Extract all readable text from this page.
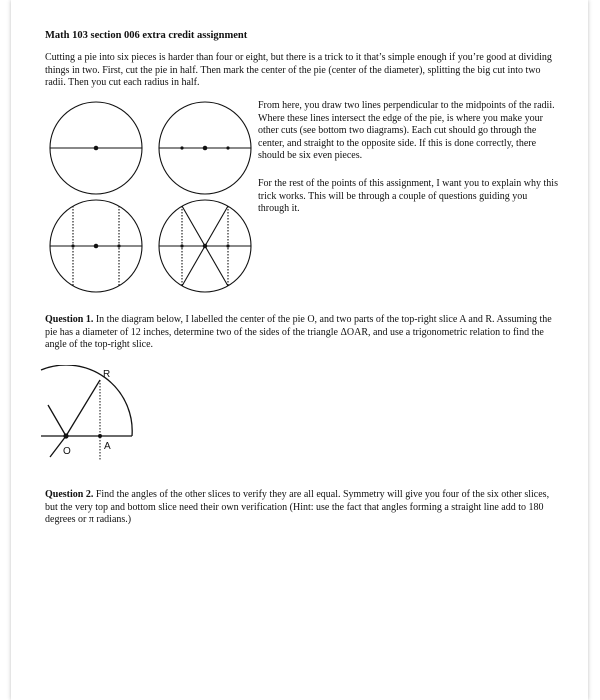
Math 103 section 006 extra credit assignment
Cutting a pie into six pieces is harder than four or eight, but there is a trick to it that’s simple enough if you’re good at dividing things in two. First, cut the pie in half. Then mark the center of the pie (center of the diameter), splitting the big cut into two radii. Then you cut each radius in half.
From here, you draw two lines perpendicular to the midpoints of the radii. Where these lines intersect the edge of the pie, is where you make your other cuts (see bottom two diagrams). Each cut should go through the center, and straight to the opposite side. If this is done correctly, there should be six even pieces.
For the rest of the points of this assignment, I want you to explain why this trick works. This will be through a couple of questions guiding you through it.
Question 1. In the diagram below, I labelled the center of the pie O, and two parts of the top-right slice A and R. Assuming the pie has a diameter of 12 inches, determine two of the sides of the triangle ΔOAR, and use a trigonometric relation to find the angle of the top-right slice.
R
O	A
Question 2. Find the angles of the other slices to verify they are all equal. Symmetry will give you four of the six other slices, but the very top and bottom slice need their own verification (Hint: use the fact that angles forming a straight line add to 180 degrees or π radians.)
